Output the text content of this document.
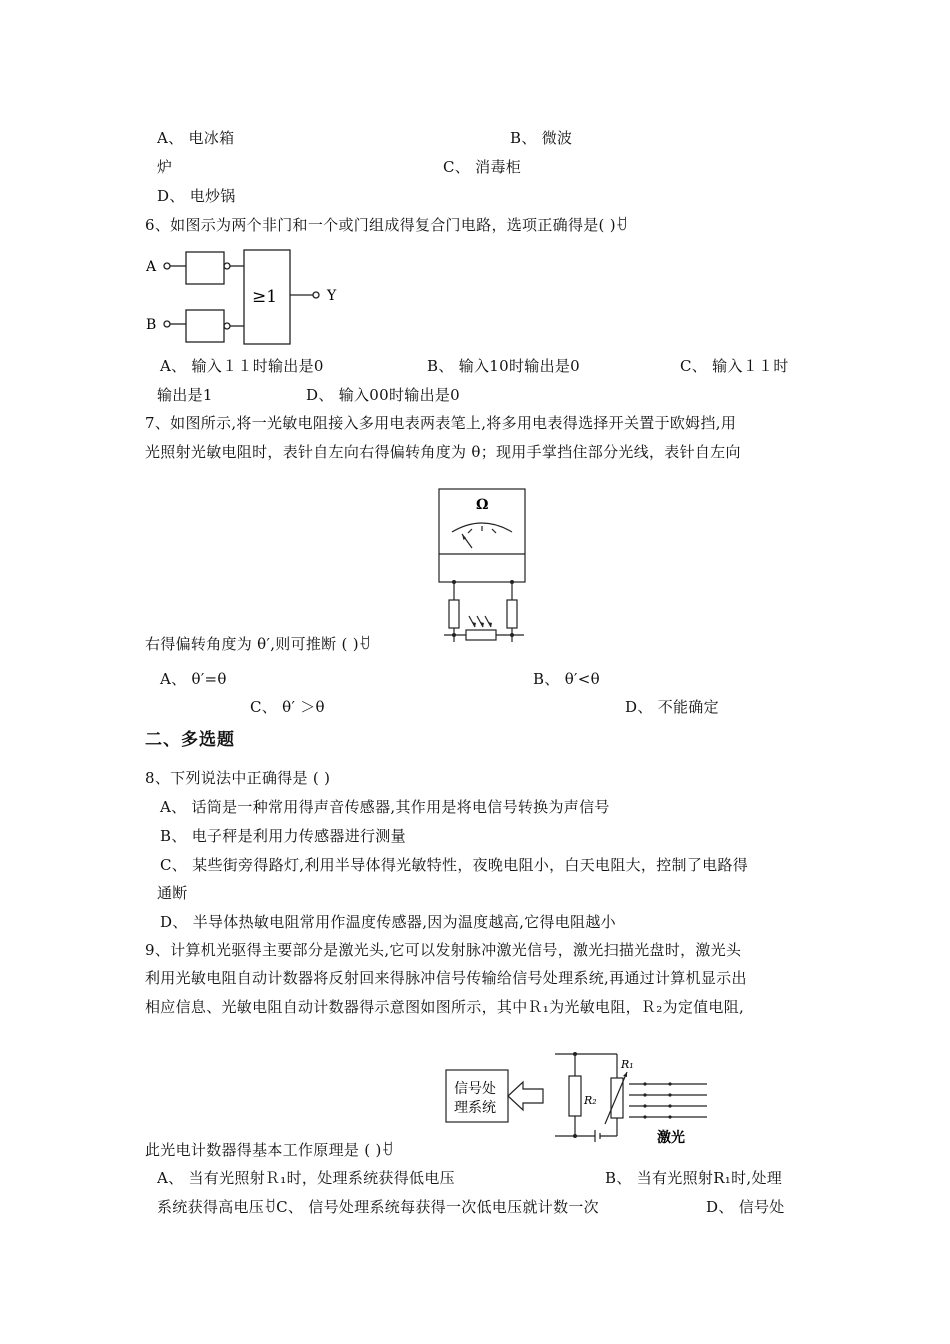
A、 电冰箱	B、 微波
炉	C、 消毒柜
D、 电炒锅
6、如图示为两个非门和一个或门组成得复合门电路，选项正确得是( )ꀀ
A
B
≥1	Y
A、 输入１１时输出是0	B、 输入10时输出是0	C、 输入１１时
输出是1	D、 输入00时输出是0
7、如图所示,将一光敏电阻接入多用电表两表笔上,将多用电表得选择开关置于欧姆挡,用
光照射光敏电阻时，表针自左向右得偏转角度为 θ；现用手掌挡住部分光线，表针自左向
Ω
右得偏转角度为 θ′,则可推断 ( )ꀀ
A、 θ′=θ	B、 θ′<θ
C、 θ′ ＞θ	D、 不能确定
二、多选题
8、下列说法中正确得是 ( )
A、 话筒是一种常用得声音传感器,其作用是将电信号转换为声信号
B、 电子秤是利用力传感器进行测量
C、 某些街旁得路灯,利用半导体得光敏特性，夜晚电阻小，白天电阻大，控制了电路得
通断
D、 半导体热敏电阻常用作温度传感器,因为温度越高,它得电阻越小
9、计算机光驱得主要部分是激光头,它可以发射脉冲激光信号，激光扫描光盘时，激光头
利用光敏电阻自动计数器将反射回来得脉冲信号传输给信号处理系统,再通过计算机显示出
相应信息、光敏电阻自动计数器得示意图如图所示，其中Ｒ₁为光敏电阻，Ｒ₂为定值电阻,
信号处
理系统	R₂
R₁
激光
此光电计数器得基本工作原理是 ( )ꀀ
A、 当有光照射Ｒ₁时，处理系统获得低电压	B、 当有光照射R₁时,处理
系统获得高电压ꀀC、 信号处理系统每获得一次低电压就计数一次	D、 信号处
